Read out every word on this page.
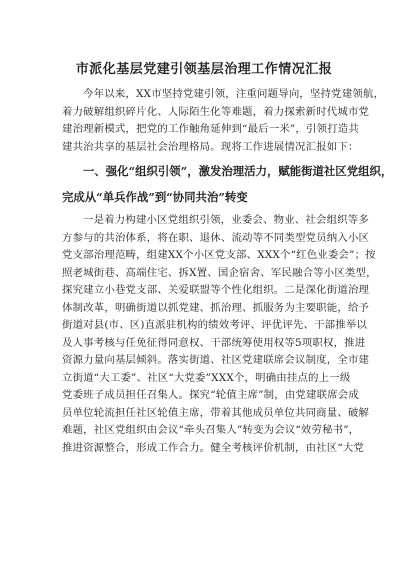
市派化基层党建引领基层治理工作情况汇报
今年以来，XX市坚持党建引领，注重问题导向，坚持党建领航，
着力破解组织碎片化、人际陌生化等难题，着力探索新时代城市党
建治理新模式，把党的工作触角延伸到“最后一米”，引领打造共
建共治共享的基层社会治理格局。现将工作进展情况汇报如下：
一、强化“组织引领”，激发治理活力，赋能街道社区党组织，
完成从“单兵作战”到“协同共治”转变
一是着力构建小区党组织引领，业委会、物业、社会组织等多
方参与的共治体系，将在职、退休、流动等不同类型党员纳入小区
党支部治理范畴，组建XX个小区党支部、XXX个“红色业委会”；按
照老城街巷、高端住宅、拆X置、国企宿舍、军民融合等小区类型，
探究建立小巷党支部、关爱联盟等个性化组织。二是深化街道治理
体制改革，明确街道以抓党建、抓治理、抓服务为主要职能，给予
街道对县(市、区)直派驻机构的绩效考评、评优评先、干部推举以
及人事考核与任免征得同意权、干部统筹使用权等5项职权，推进
资源力量向基层倾斜。落实街道、社区党建联席会议制度，全市建
立街道“大工委”、社区“大党委”XXX个，明确由挂点的上一级
党委班子成员担任召集人。探究“轮值主席”制，由党建联席会成
员单位轮流担任社区轮值主席，带着其他成员单位共同商量、破解
难题，社区党组织由会议“牵头召集人”转变为会议“效劳秘书”，
推进资源整合，形成工作合力。健全考核评价机制，由社区“大党
